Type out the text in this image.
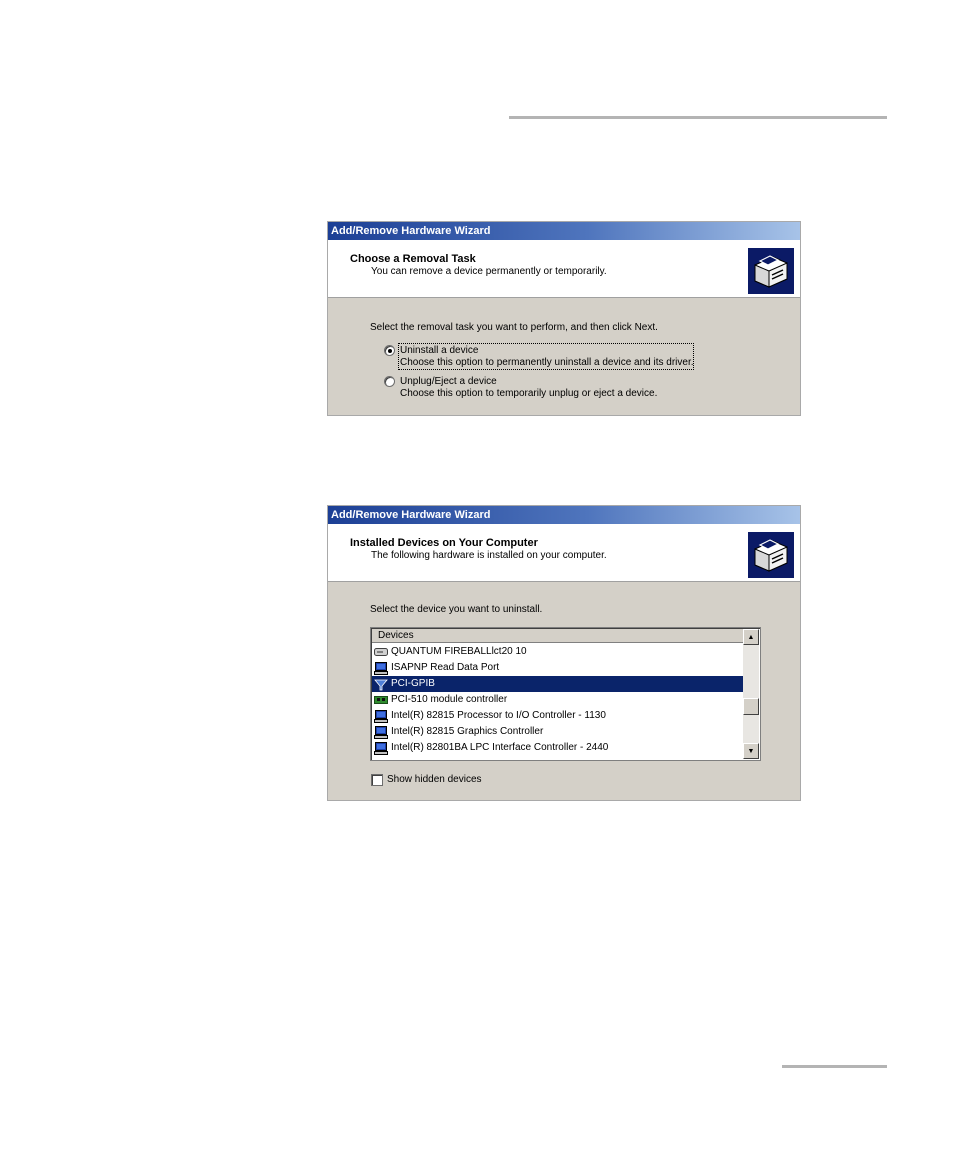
Add/Remove Hardware Wizard
Choose a Removal Task
You can remove a device permanently or temporarily.
Select the removal task you want to perform, and then click Next.
Uninstall a device
Choose this option to permanently uninstall a device and its driver.
Unplug/Eject a device
Choose this option to temporarily unplug or eject a device.
Add/Remove Hardware Wizard
Installed Devices on Your Computer
The following hardware is installed on your computer.
Select the device you want to uninstall.
Devices
QUANTUM FIREBALLlct20 10
ISAPNP Read Data Port
PCI-GPIB
PCI-510 module controller
Intel(R) 82815 Processor to I/O Controller - 1130
Intel(R) 82815 Graphics Controller
Intel(R) 82801BA LPC Interface Controller - 2440
▲
▼
Show hidden devices
